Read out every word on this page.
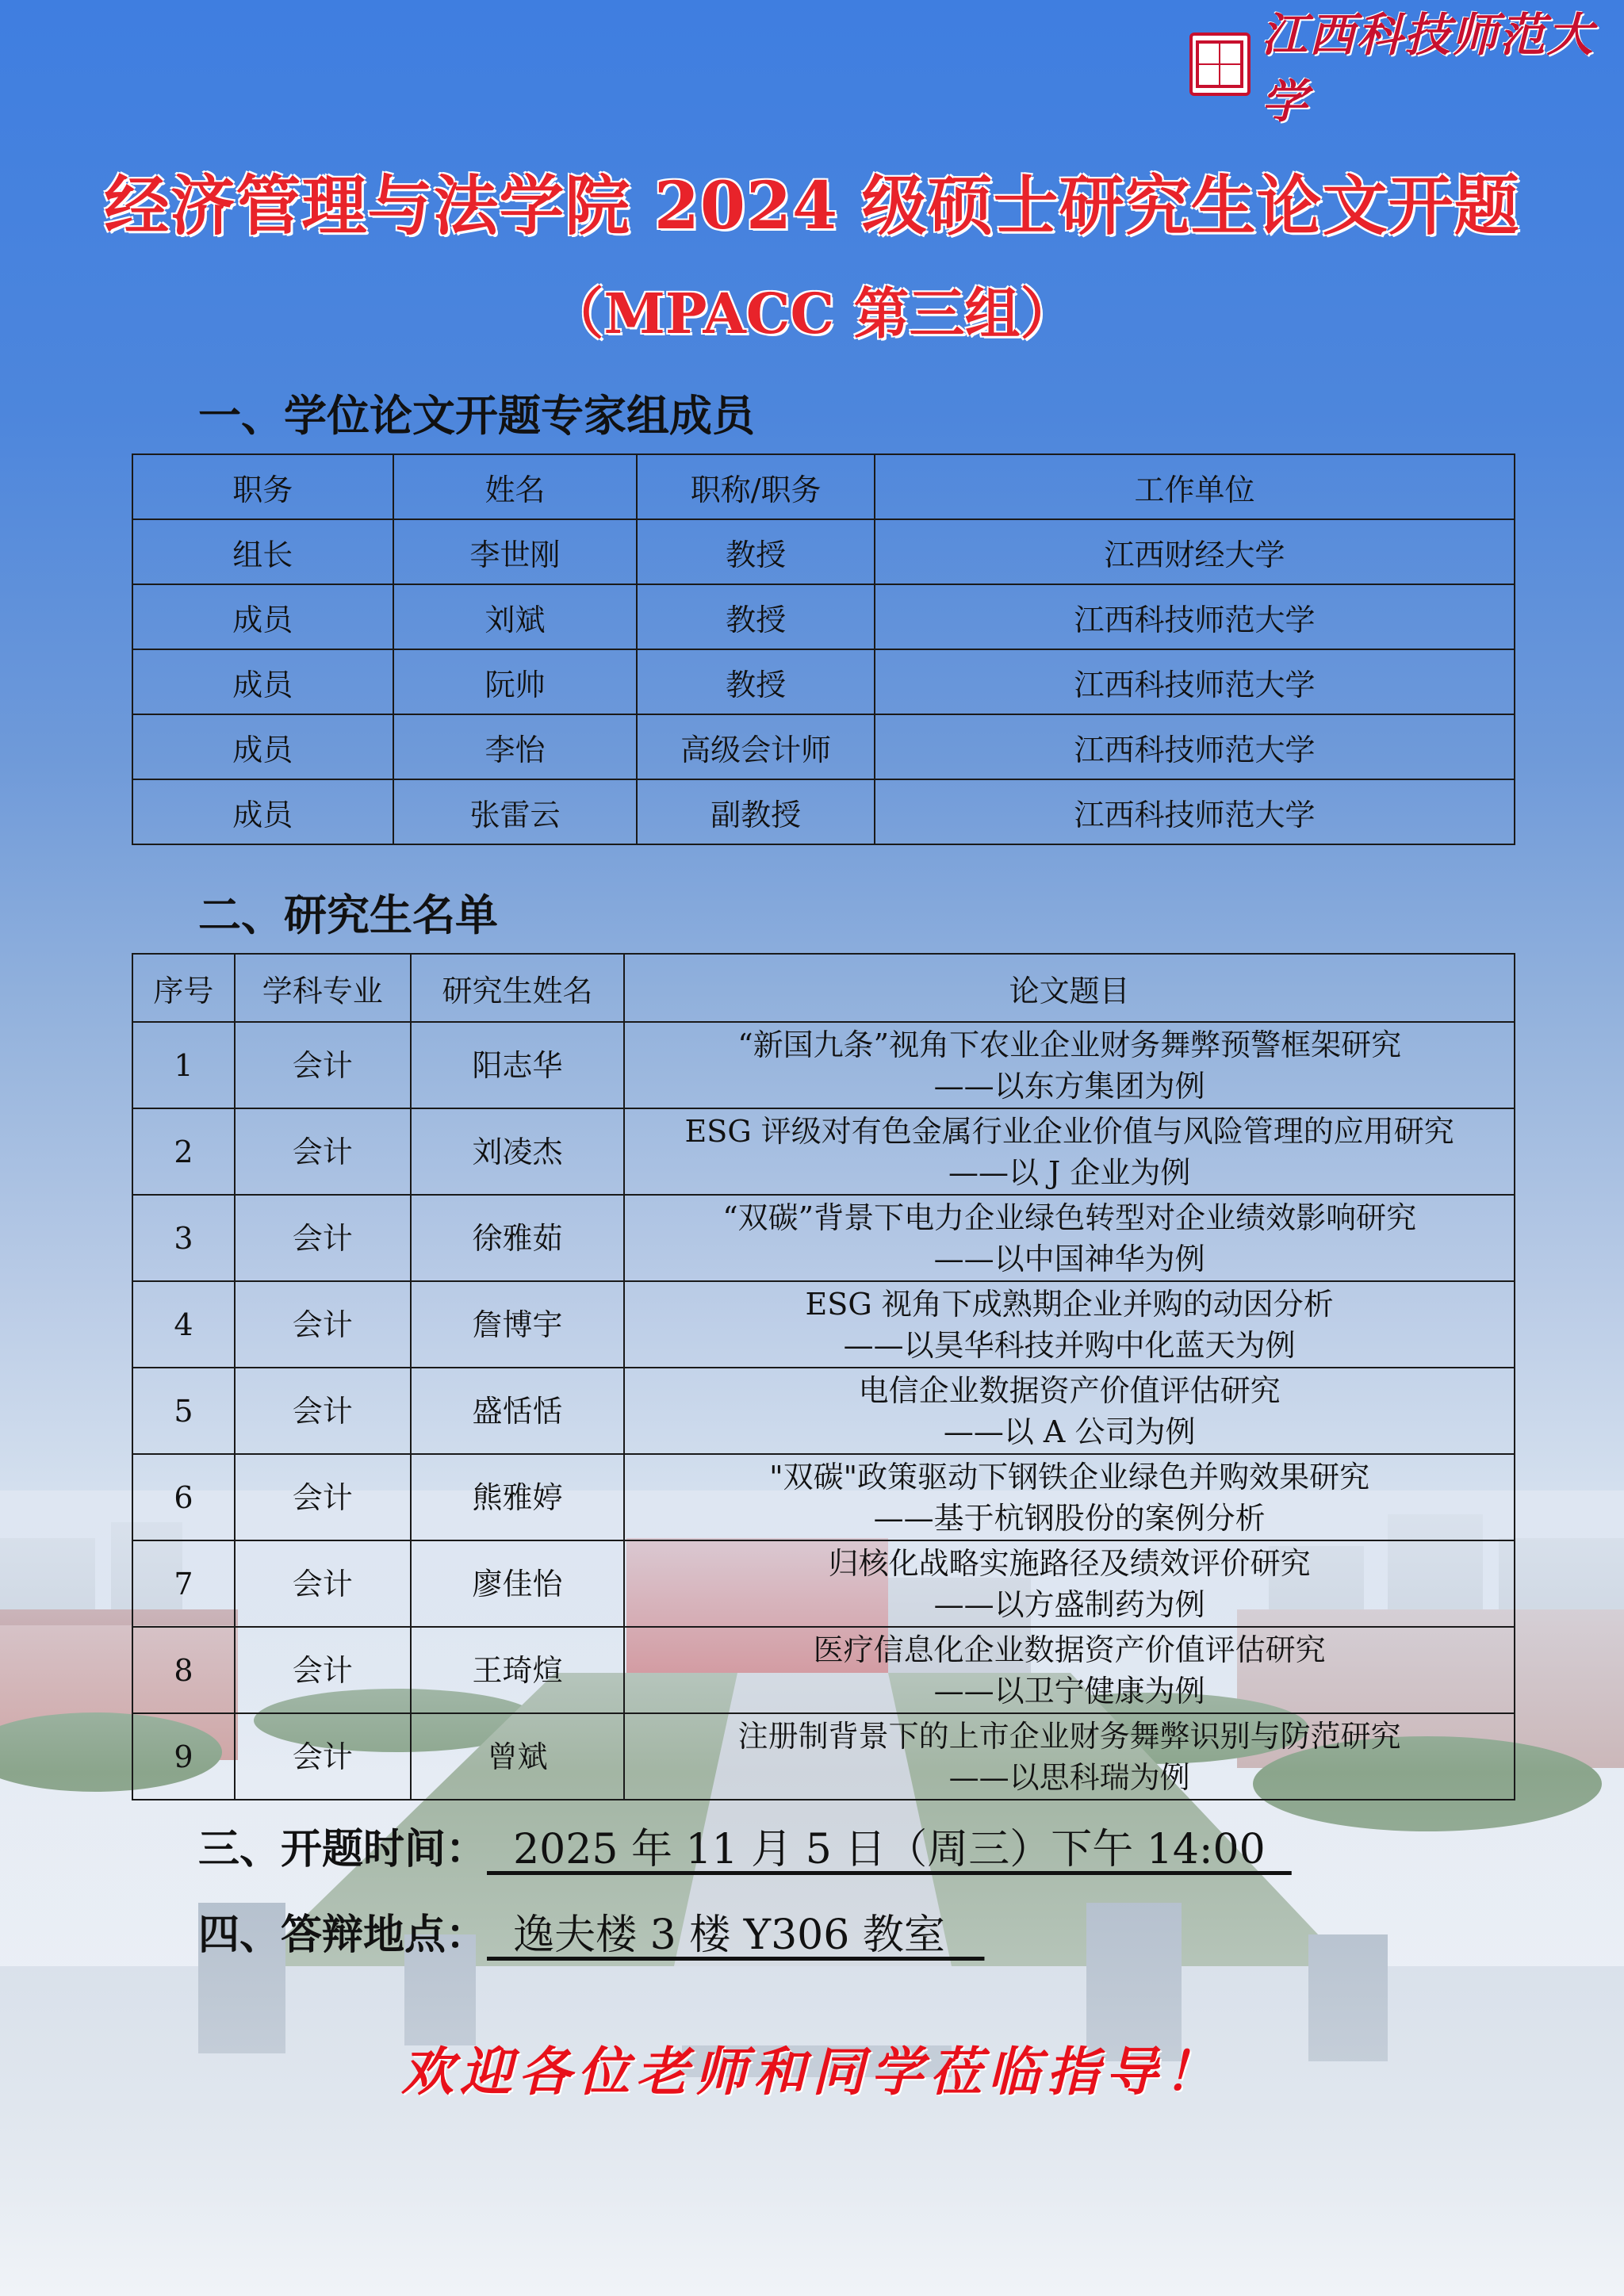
江西科技师范大学
经济管理与法学院 2024 级硕士研究生论文开题
（MPACC 第三组）
一、学位论文开题专家组成员
职务	姓名	职称/职务	工作单位
组长	李世刚	教授	江西财经大学
成员	刘斌	教授	江西科技师范大学
成员	阮帅	教授	江西科技师范大学
成员	李怡	高级会计师	江西科技师范大学
成员	张雷云	副教授	江西科技师范大学
二、研究生名单
序号	学科专业	研究生姓名	论文题目
1	会计	阳志华	“新国九条”视角下农业企业财务舞弊预警框架研究
——以东方集团为例

2	会计	刘凌杰	ESG 评级对有色金属行业企业价值与风险管理的应用研究
——以 J 企业为例

3	会计	徐雅茹	“双碳”背景下电力企业绿色转型对企业绩效影响研究
——以中国神华为例

4	会计	詹博宇	ESG 视角下成熟期企业并购的动因分析
——以昊华科技并购中化蓝天为例

5	会计	盛恬恬	电信企业数据资产价值评估研究
——以 A 公司为例

6	会计	熊雅婷	"双碳"政策驱动下钢铁企业绿色并购效果研究
——基于杭钢股份的案例分析

7	会计	廖佳怡	归核化战略实施路径及绩效评价研究
——以方盛制药为例

8	会计	王琦煊	医疗信息化企业数据资产价值评估研究
——以卫宁健康为例

9	会计	曾斌	注册制背景下的上市企业财务舞弊识别与防范研究
——以思科瑞为例
三、开题时间： 2025 年 11 月 5 日（周三）下午 14:00
四、答辩地点： 逸夫楼 3 楼 Y306 教室
欢迎各位老师和同学莅临指导！
